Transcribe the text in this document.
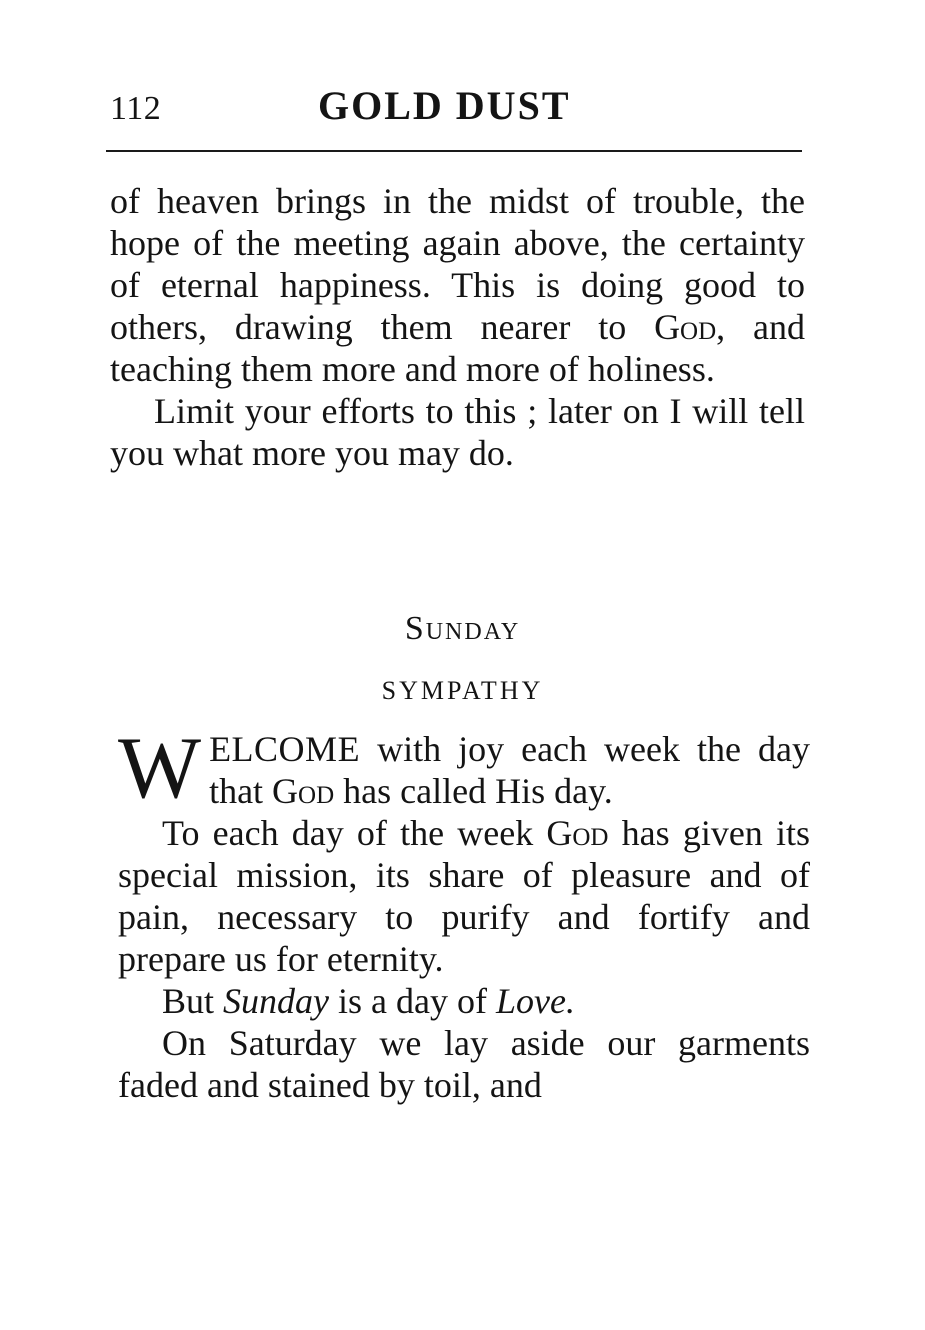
112	GOLD DUST

of heaven brings in the midst of trouble, the hope of the meeting again above, the certainty of eternal happiness. This is doing good to others, drawing them nearer to God, and teaching them more and more of holiness.

Limit your efforts to this ; later on I will tell you what more you may do.

Sunday
SYMPATHY

WELCOME with joy each week the day that God has called His day.

To each day of the week God has given its special mission, its share of pleasure and of pain, necessary to purify and fortify and prepare us for eternity.

But Sunday is a day of Love.

On Saturday we lay aside our garments faded and stained by toil, and
